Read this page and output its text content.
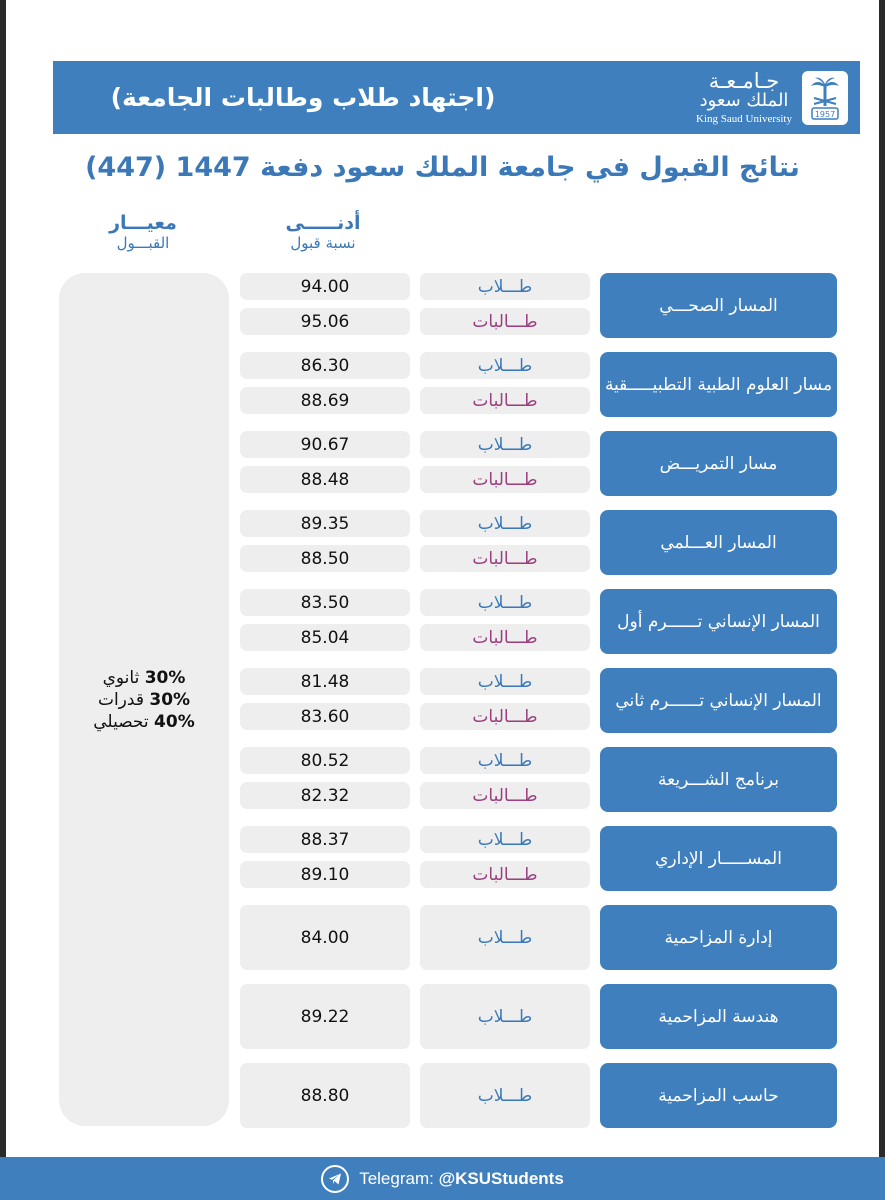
(اجتهاد طلاب وطالبات الجامعة)
جـامـعـة
الملك سعود
King Saud University	1957
نتائج القبول في جامعة الملك سعود دفعة 1447 (447)
أدنـــــى
نسبة قبول
معيـــار
القبـــول
30% ثانوي
30% قدرات
40% تحصيلي
المسار الصحـــي
طـــلاب
94.00
طـــالبات
95.06
مسار العلوم الطبية التطبيـــــقية
طـــلاب
86.30
طـــالبات
88.69
مسار التمريـــض
طـــلاب
90.67
طـــالبات
88.48
المسار العـــلمي
طـــلاب
89.35
طـــالبات
88.50
المسار الإنساني تــــــرم أول
طـــلاب
83.50
طـــالبات
85.04
المسار الإنساني تــــــرم ثاني
طـــلاب
81.48
طـــالبات
83.60
برنامج الشـــريعة
طـــلاب
80.52
طـــالبات
82.32
المســـــار الإداري
طـــلاب
88.37
طـــالبات
89.10
إدارة المزاحمية
طـــلاب
84.00
هندسة المزاحمية
طـــلاب
89.22
حاسب المزاحمية
طـــلاب
88.80
Telegram: @KSUStudents
